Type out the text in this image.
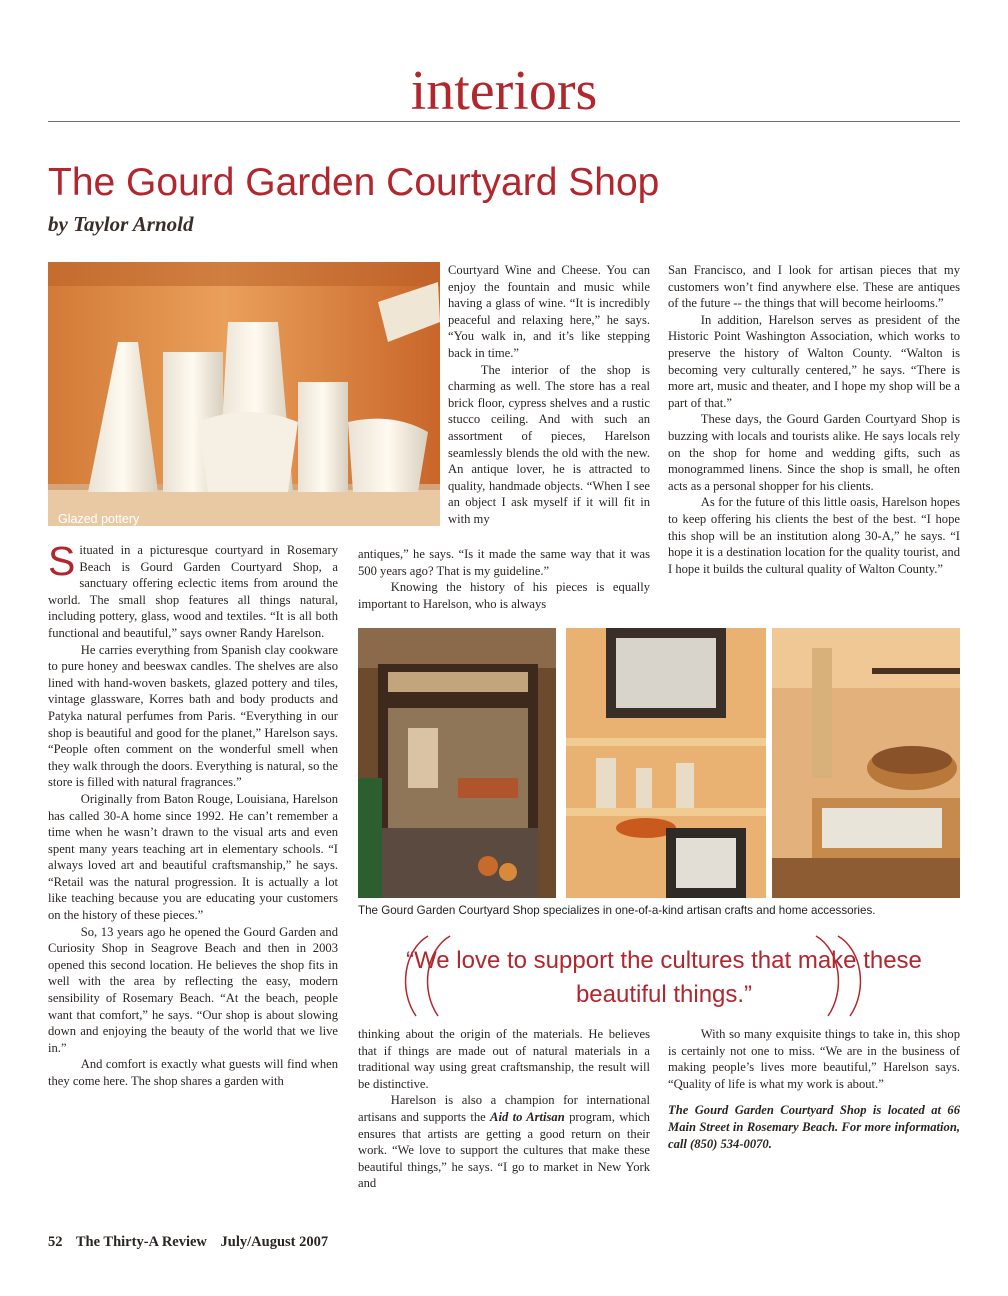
interiors
The Gourd Garden Courtyard Shop
by Taylor Arnold
Glazed pottery

Situated in a picturesque courtyard in Rosemary Beach is Gourd Garden Courtyard Shop, a sanctuary offering eclectic items from around the world. The small shop features all things natural, including pottery, glass, wood and textiles. “It is all both functional and beautiful,” says owner Randy Harelson.

He carries everything from Spanish clay cookware to pure honey and beeswax candles. The shelves are also lined with hand-woven baskets, glazed pottery and tiles, vintage glassware, Korres bath and body products and Patyka natural perfumes from Paris. “Everything in our shop is beautiful and good for the planet,” Harelson says. “People often comment on the wonderful smell when they walk through the doors. Everything is natural, so the store is filled with natural fragrances.”

Originally from Baton Rouge, Louisiana, Harelson has called 30-A home since 1992. He can’t remember a time when he wasn’t drawn to the visual arts and even spent many years teaching art in elementary schools. “I always loved art and beautiful craftsmanship,” he says. “Retail was the natural progression. It is actually a lot like teaching because you are educating your customers on the history of these pieces.”

So, 13 years ago he opened the Gourd Garden and Curiosity Shop in Seagrove Beach and then in 2003 opened this second location. He believes the shop fits in well with the area by reflecting the easy, modern sensibility of Rosemary Beach. “At the beach, people want that comfort,” he says. “Our shop is about slowing down and enjoying the beauty of the world that we live in.”

And comfort is exactly what guests will find when they come here. The shop shares a garden with

Courtyard Wine and Cheese. You can enjoy the fountain and music while having a glass of wine. “It is incredibly peaceful and relaxing here,” he says. “You walk in, and it’s like stepping back in time.”

The interior of the shop is charming as well. The store has a real brick floor, cypress shelves and a rustic stucco ceiling. And with such an assortment of pieces, Harelson seamlessly blends the old with the new. An antique lover, he is attracted to quality, handmade objects. “When I see an object I ask myself if it will fit in with my

antiques,” he says. “Is it made the same way that it was 500 years ago? That is my guideline.”

Knowing the history of his pieces is equally important to Harelson, who is always

San Francisco, and I look for artisan pieces that my customers won’t find anywhere else. These are antiques of the future -- the things that will become heirlooms.”

In addition, Harelson serves as president of the Historic Point Washington Association, which works to preserve the history of Walton County. “Walton is becoming very culturally centered,” he says. “There is more art, music and theater, and I hope my shop will be a part of that.”

These days, the Gourd Garden Courtyard Shop is buzzing with locals and tourists alike. He says locals rely on the shop for home and wedding gifts, such as monogrammed linens. Since the shop is small, he often acts as a personal shopper for his clients.

As for the future of this little oasis, Harelson hopes to keep offering his clients the best of the best. “I hope this shop will be an institution along 30-A,” he says. “I hope it is a destination location for the quality tourist, and I hope it builds the cultural quality of Walton County.”

The Gourd Garden Courtyard Shop specializes in one-of-a-kind artisan crafts and home accessories.
“We love to support the cultures that make these beautiful things.”

thinking about the origin of the materials. He believes that if things are made out of natural materials in a traditional way using great craftsmanship, the result will be distinctive.

Harelson is also a champion for international artisans and supports the Aid to Artisan program, which ensures that artists are getting a good return on their work. “We love to support the cultures that make these beautiful things,” he says. “I go to market in New York and

With so many exquisite things to take in, this shop is certainly not one to miss. “We are in the business of making people’s lives more beautiful,” Harelson says. “Quality of life is what my work is about.”

The Gourd Garden Courtyard Shop is located at 66 Main Street in Rosemary Beach. For more information, call (850) 534-0070.

52 The Thirty-A Review July/August 2007
